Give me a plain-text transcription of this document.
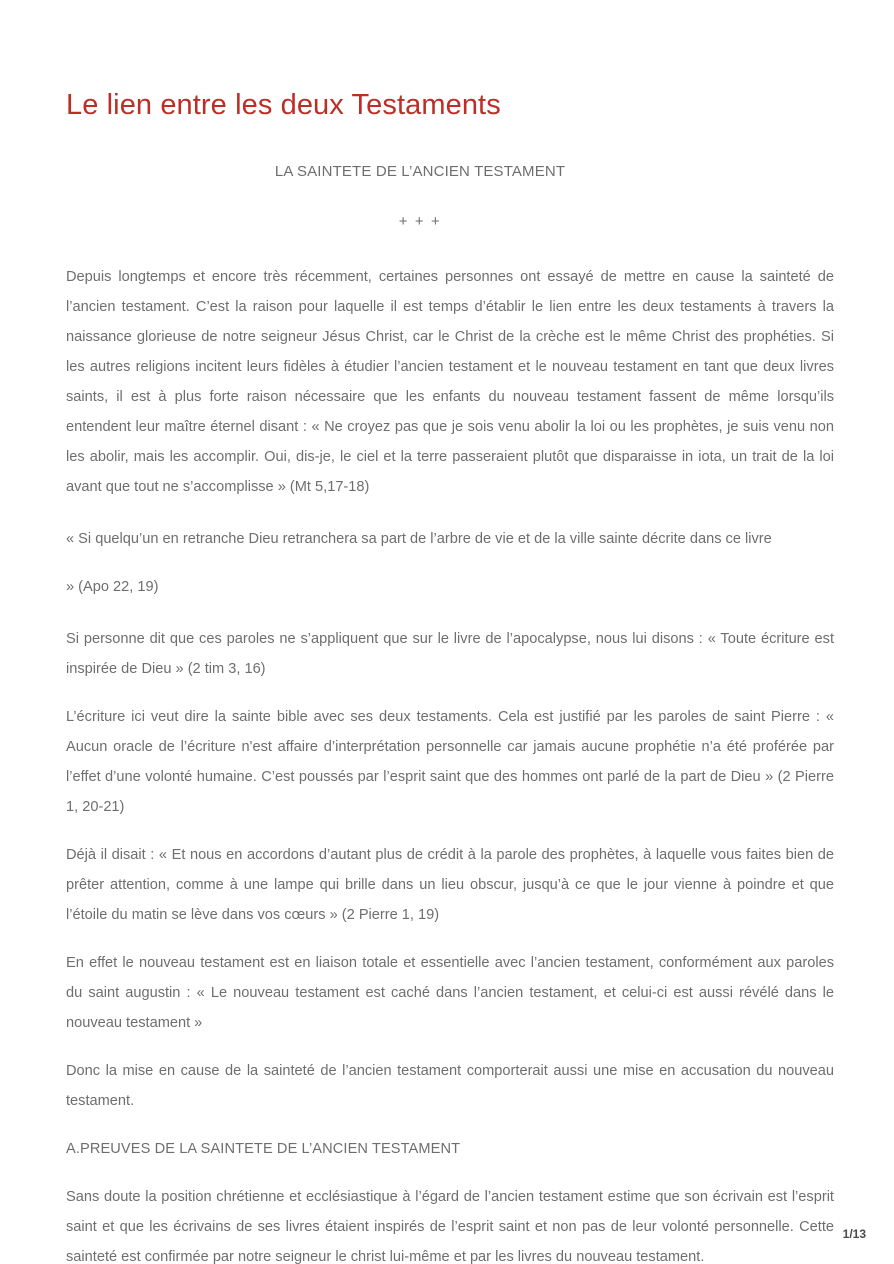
Le lien entre les deux Testaments
LA SAINTETE DE L’ANCIEN TESTAMENT
+ + +

Depuis longtemps et encore très récemment, certaines personnes ont essayé de mettre en cause la sainteté de l’ancien testament. C’est la raison pour laquelle il est temps d’établir le lien entre les deux testaments à travers la naissance glorieuse de notre seigneur Jésus Christ, car le Christ de la crèche est le même Christ des prophéties. Si les autres religions incitent leurs fidèles à étudier l’ancien testament et le nouveau testament en tant que deux livres saints, il est à plus forte raison nécessaire que les enfants du nouveau testament fassent de même lorsqu’ils entendent leur maître éternel disant : « Ne croyez pas que je sois venu abolir la loi ou les prophètes, je suis venu non les abolir, mais les accomplir. Oui, dis-je, le ciel et la terre passeraient plutôt que disparaisse in iota, un trait de la loi avant que tout ne s’accomplisse » (Mt 5,17-18)

« Si quelqu’un en retranche Dieu retranchera sa part de l’arbre de vie et de la ville sainte décrite dans ce livre

» (Apo 22, 19)

Si personne dit que ces paroles ne s’appliquent que sur le livre de l’apocalypse, nous lui disons : « Toute écriture est inspirée de Dieu » (2 tim 3, 16)

L’écriture ici veut dire la sainte bible avec ses deux testaments. Cela est justifié par les paroles de saint Pierre : « Aucun oracle de l’écriture n'est affaire d’interprétation personnelle car jamais aucune prophétie n’a été proférée par l’effet d’une volonté humaine. C’est poussés par l’esprit saint que des hommes ont parlé de la part de Dieu » (2 Pierre 1, 20-21)

Déjà il disait : « Et nous en accordons d’autant plus de crédit à la parole des prophètes, à laquelle vous faites bien de prêter attention, comme à une lampe qui brille dans un lieu obscur, jusqu’à ce que le jour vienne à poindre et que l’étoile du matin se lève dans vos cœurs » (2 Pierre 1, 19)

En effet le nouveau testament est en liaison totale et essentielle avec l’ancien testament, conformément aux paroles du saint augustin : « Le nouveau testament est caché dans l’ancien testament, et celui-ci est aussi révélé dans le nouveau testament »

Donc la mise en cause de la sainteté de l’ancien testament comporterait aussi une mise en accusation du nouveau testament.

A.PREUVES DE LA SAINTETE DE L’ANCIEN TESTAMENT

Sans doute la position chrétienne et ecclésiastique à l’égard de l’ancien testament estime que son écrivain est l’esprit saint et que les écrivains de ses livres étaient inspirés de l’esprit saint et non pas de leur volonté personnelle. Cette sainteté est confirmée par notre seigneur le christ lui-même et par les livres du nouveau testament.

1/13
